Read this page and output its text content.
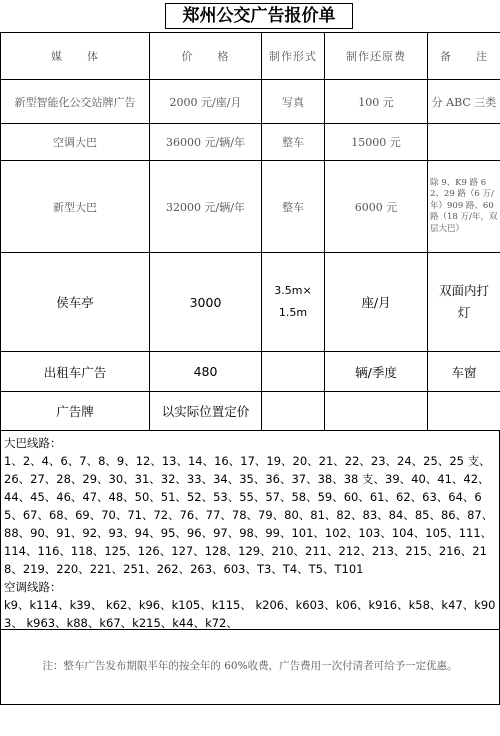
郑州公交广告报价单
媒　　体	价　　格	制作形式	制作还原费	备　　注
新型智能化公交站牌广告	2000 元/座/月	写真	100 元	分 ABC 三类
空调大巴	36000 元/辆/年	整车	15000 元	
新型大巴	32000 元/辆/年	整车	6000 元	除 9、K9 路 62、29 路（6 万/年）909 路、60 路（18 万/年，双层大巴）
侯车亭	3000	3.5m×1.5m	座/月	双面内打灯
出租车广告	480		辆/季度	车窗
广告牌	以实际位置定价			
大巴线路：
1、2、4、6、7、8、9、12、13、14、16、17、19、20、21、22、23、24、25、25 支、26、27、28、29、30、31、32、33、34、35、36、37、38、38 支、39、40、41、42、44、45、46、47、48、50、51、52、53、55、57、58、59、60、61、62、63、64、65、67、68、69、70、71、72、76、77、78、79、80、81、82、83、84、85、86、87、88、90、91、92、93、94、95、96、97、98、99、101、102、103、104、105、111、114、116、118、125、126、127、128、129、210、211、212、213、215、216、218、219、220、221、251、262、263、603、T3、T4、T5、T101
空调线路：
k9、k114、k39、 k62、k96、k105、k115、 k206、k603、k06、k916、k58、k47、k903、 k963、k88、k67、k215、k44、k72、
注：整车广告发布期限半年的按全年的 60%收费，广告费用一次付清者可给予一定优惠。
